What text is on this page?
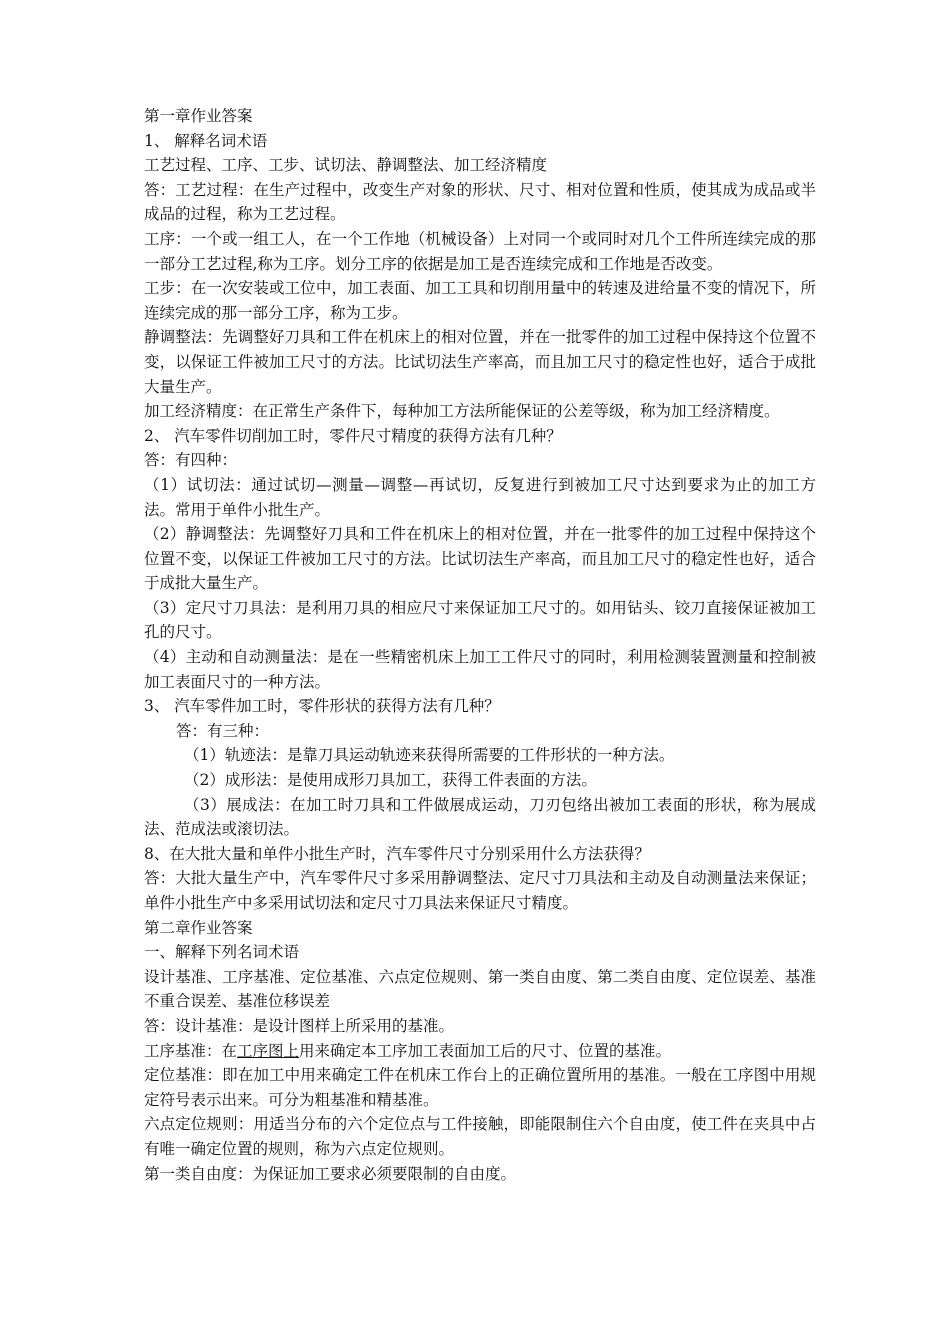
第一章作业答案

1、 解释名词术语

工艺过程、工序、工步、试切法、静调整法、加工经济精度

答：工艺过程：在生产过程中，改变生产对象的形状、尺寸、相对位置和性质，使其成为成品或半成品的过程，称为工艺过程。

工序：一个或一组工人，在一个工作地（机械设备）上对同一个或同时对几个工件所连续完成的那一部分工艺过程,称为工序。划分工序的依据是加工是否连续完成和工作地是否改变。

工步：在一次安装或工位中，加工表面、加工工具和切削用量中的转速及进给量不变的情况下，所连续完成的那一部分工序，称为工步。

静调整法：先调整好刀具和工件在机床上的相对位置，并在一批零件的加工过程中保持这个位置不变，以保证工件被加工尺寸的方法。比试切法生产率高，而且加工尺寸的稳定性也好，适合于成批大量生产。

加工经济精度：在正常生产条件下，每种加工方法所能保证的公差等级，称为加工经济精度。

2、 汽车零件切削加工时，零件尺寸精度的获得方法有几种？

答：有四种：

（1）试切法：通过试切—测量—调整—再试切，反复进行到被加工尺寸达到要求为止的加工方法。常用于单件小批生产。

（2）静调整法：先调整好刀具和工件在机床上的相对位置，并在一批零件的加工过程中保持这个位置不变，以保证工件被加工尺寸的方法。比试切法生产率高，而且加工尺寸的稳定性也好，适合于成批大量生产。

（3）定尺寸刀具法：是利用刀具的相应尺寸来保证加工尺寸的。如用钻头、铰刀直接保证被加工孔的尺寸。

（4）主动和自动测量法：是在一些精密机床上加工工件尺寸的同时，利用检测装置测量和控制被加工表面尺寸的一种方法。

3、 汽车零件加工时，零件形状的获得方法有几种？

答：有三种：

（1）轨迹法：是靠刀具运动轨迹来获得所需要的工件形状的一种方法。

（2）成形法：是使用成形刀具加工，获得工件表面的方法。

（3）展成法：在加工时刀具和工件做展成运动，刀刃包络出被加工表面的形状，称为展成法、范成法或滚切法。

8、在大批大量和单件小批生产时，汽车零件尺寸分别采用什么方法获得？

答：大批大量生产中，汽车零件尺寸多采用静调整法、定尺寸刀具法和主动及自动测量法来保证；单件小批生产中多采用试切法和定尺寸刀具法来保证尺寸精度。

第二章作业答案

一、解释下列名词术语

设计基准、工序基准、定位基准、六点定位规则、第一类自由度、第二类自由度、定位误差、基准不重合误差、基准位移误差

答：设计基准：是设计图样上所采用的基准。

工序基准：在工序图上用来确定本工序加工表面加工后的尺寸、位置的基准。

定位基准：即在加工中用来确定工件在机床工作台上的正确位置所用的基准。一般在工序图中用规定符号表示出来。可分为粗基准和精基准。

六点定位规则：用适当分布的六个定位点与工件接触，即能限制住六个自由度，使工件在夹具中占有唯一确定位置的规则，称为六点定位规则。

第一类自由度：为保证加工要求必须要限制的自由度。
